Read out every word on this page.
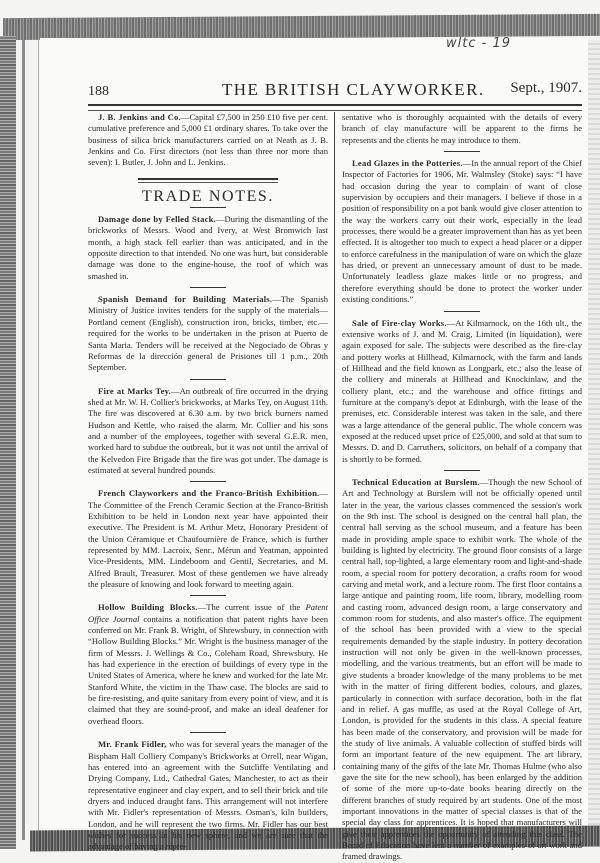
wltc - 19
188	THE BRITISH CLAYWORKER. Sept., 1907.

J. B. Jenkins and Co.—Capital £7,500 in 250 £10 five per cent. cumulative preference and 5,000 £1 ordinary shares. To take over the business of silica brick manufacturers carried on at Neath as J. B. Jenkins and Co. First directors (not less than three nor more than seven): I. Butler, J. John and L. Jenkins.

TRADE NOTES.

Damage done by Felled Stack.—During the dismantling of the brickworks of Messrs. Wood and Ivery, at West Bromwich last month, a high stack fell earlier than was anticipated, and in the opposite direction to that intended. No one was hurt, but considerable damage was done to the engine-house, the roof of which was smashed in.

Spanish Demand for Building Materials.—The Spanish Ministry of Justice invites tenders for the supply of the materials—Portland cement (English), construction iron, bricks, timber, etc.—required for the works to be undertaken in the prison at Puerto de Santa Maria. Tenders will be received at the Negociado de Obras y Reformas de la dirección general de Prisiones till 1 p.m., 20th September.

Fire at Marks Tey.—An outbreak of fire occurred in the drying shed at Mr. W. H. Collier's brickworks, at Marks Tey, on August 11th. The fire was discovered at 6.30 a.m. by two brick burners named Hudson and Kettle, who raised the alarm. Mr. Collier and his sons and a number of the employees, together with several G.E.R. men, worked hard to subdue the outbreak, but it was not until the arrival of the Kelvedon Fire Brigade that the fire was got under. The damage is estimated at several hundred pounds.

French Clayworkers and the Franco-British Exhibition.—The Committee of the French Ceramic Section at the Franco-British Exhibition to be held in London next year have appointed their executive. The President is M. Arthur Metz, Honorary President of the Union Céramique et Chaufournière de France, which is further represented by MM. Lacroix, Senr., Mérun and Yeatman, appointed Vice-Presidents, MM. Lindeboom and Gentil, Secretaries, and M. Alfred Brault, Treasurer. Most of these gentlemen we have already the pleasure of knowing and look forward to meeting again.

Hollow Building Blocks.—The current issue of the Patent Office Journal contains a notification that patent rights have been conferred on Mr. Frank B. Wright, of Shrewsbury, in connection with “Hollow Building Blocks.” Mr. Wright is the business manager of the firm of Messrs. J. Wellings & Co., Coleham Road, Shrewsbury. He has had experience in the erection of buildings of every type in the United States of America, where he knew and worked for the late Mr. Stanford White, the victim in the Thaw case. The blocks are said to be fire-resisting, and quite sanitary from every point of view, and it is claimed that they are sound-proof, and make an ideal deafener for overhead floors.

Mr. Frank Fidler, who was for several years the manager of the Bispham Hall Colliery Company's Brickworks at Orrell, near Wigan, has entered into an agreement with the Sutcliffe Ventilating and Drying Company, Ltd., Cathedral Gates, Manchester, to act as their representative engineer and clay expert, and to sell their brick and tile dryers and induced draught fans. This arrangement will not interfere with Mr. Fidler's representation of Messrs. Osman's, kiln builders, London, and he will represent the two firms. Mr. Fidler has our best wishes for success in his new sphere, and we are sure that the advantage of having a repre-

sentative who is thoroughly acquainted with the details of every branch of clay manufacture will be apparent to the firms he represents and the clients he may introduce to them.

Lead Glazes in the Potteries.—In the annual report of the Chief Inspector of Factories for 1906, Mr. Walmsley (Stoke) says: “I have had occasion during the year to complain of want of close supervision by occupiers and their managers. I believe if those in a position of responsibility on a pot bank would give closer attention to the way the workers carry out their work, especially in the lead processes, there would be a greater improvement than has as yet been effected. It is altogether too much to expect a head placer or a dipper to enforce carefulness in the manipulation of ware on which the glaze has dried, or prevent an unnecessary amount of dust to be made. Unfortunately leadless glaze makes little or no progress, and therefore everything should be done to protect the worker under existing conditions.”

Sale of Fire-clay Works.—At Kilmarnock, on the 16th ult., the extensive works of J. and M. Craig, Limited (in liquidation), were again exposed for sale. The subjects were described as the fire-clay and pottery works at Hillhead, Kilmarnock, with the farm and lands of Hillhead and the field known as Longpark, etc.; also the lease of the colliery and minerals at Hillhead and Knockinlaw, and the colliery plant, etc.; and the warehouse and office fittings and furniture at the company's depot at Edinburgh, with the lease of the premises, etc. Considerable interest was taken in the sale, and there was a large attendance of the general public. The whole concern was exposed at the reduced upset price of £25,000, and sold at that sum to Messrs. D. and D. Carruthers, solicitors, on behalf of a company that is shortly to be formed.

Technical Education at Burslem.—Though the new School of Art and Technology at Burslem will not be officially opened until later in the year, the various classes commenced the session's work on the 9th inst. The school is designed on the central hall plan, the central hall serving as the school museum, and a feature has been made in providing ample space to exhibit work. The whole of the building is lighted by electricity. The ground floor consists of a large central hall, top-lighted, a large elementary room and light-and-shade room, a special room for pottery decoration, a crafts room for wood carving and metal work, and a lecture room. The first floor contains a large antique and painting room, life room, library, modelling room and casting room, advanced design room, a large conservatory and common room for students, and also master's office. The equipment of the school has been provided with a view to the special requirements demanded by the staple industry. In pottery decoration instruction will not only be given in the well-known processes, modelling, and the various treatments, but an effort will be made to give students a broader knowledge of the many problems to be met with in the matter of firing different bodies, colours, and glazes, particularly in connection with surface decoration, both in the flat and in relief. A gas muffle, as used at the Royal College of Art, London, is provided for the students in this class. A special feature has been made of the conservatory, and provision will be made for the study of live animals. A valuable collection of stuffed birds will form an important feature of the new equipment. The art library, containing many of the gifts of the late Mr. Thomas Hulme (who also gave the site for the new school), has been enlarged by the addition of some of the more up-to-date books bearing directly on the different branches of study required by art students. One of the most important innovations in the matter of special classes is that of the special day class for apprentices. It is hoped that manufacturers will give their apprentices the opportunity of attending this class. The Board of Education have lent a number of examples of art work and framed drawings.
